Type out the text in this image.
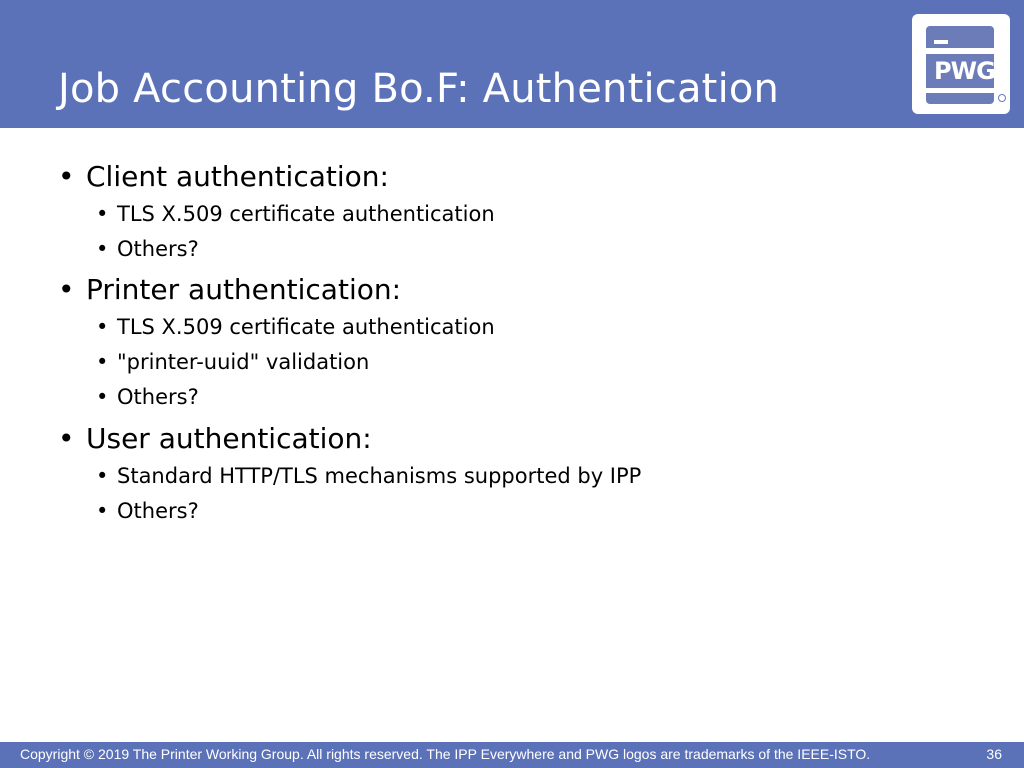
Job Accounting Bo.F: Authentication	PWG
• Client authentication:
• TLS X.509 certificate authentication
• Others?
• Printer authentication:
• TLS X.509 certificate authentication
• "printer-uuid" validation
• Others?
• User authentication:
• Standard HTTP/TLS mechanisms supported by IPP
• Others?
Copyright © 2019 The Printer Working Group. All rights reserved. The IPP Everywhere and PWG logos are trademarks of the IEEE-ISTO.	36
